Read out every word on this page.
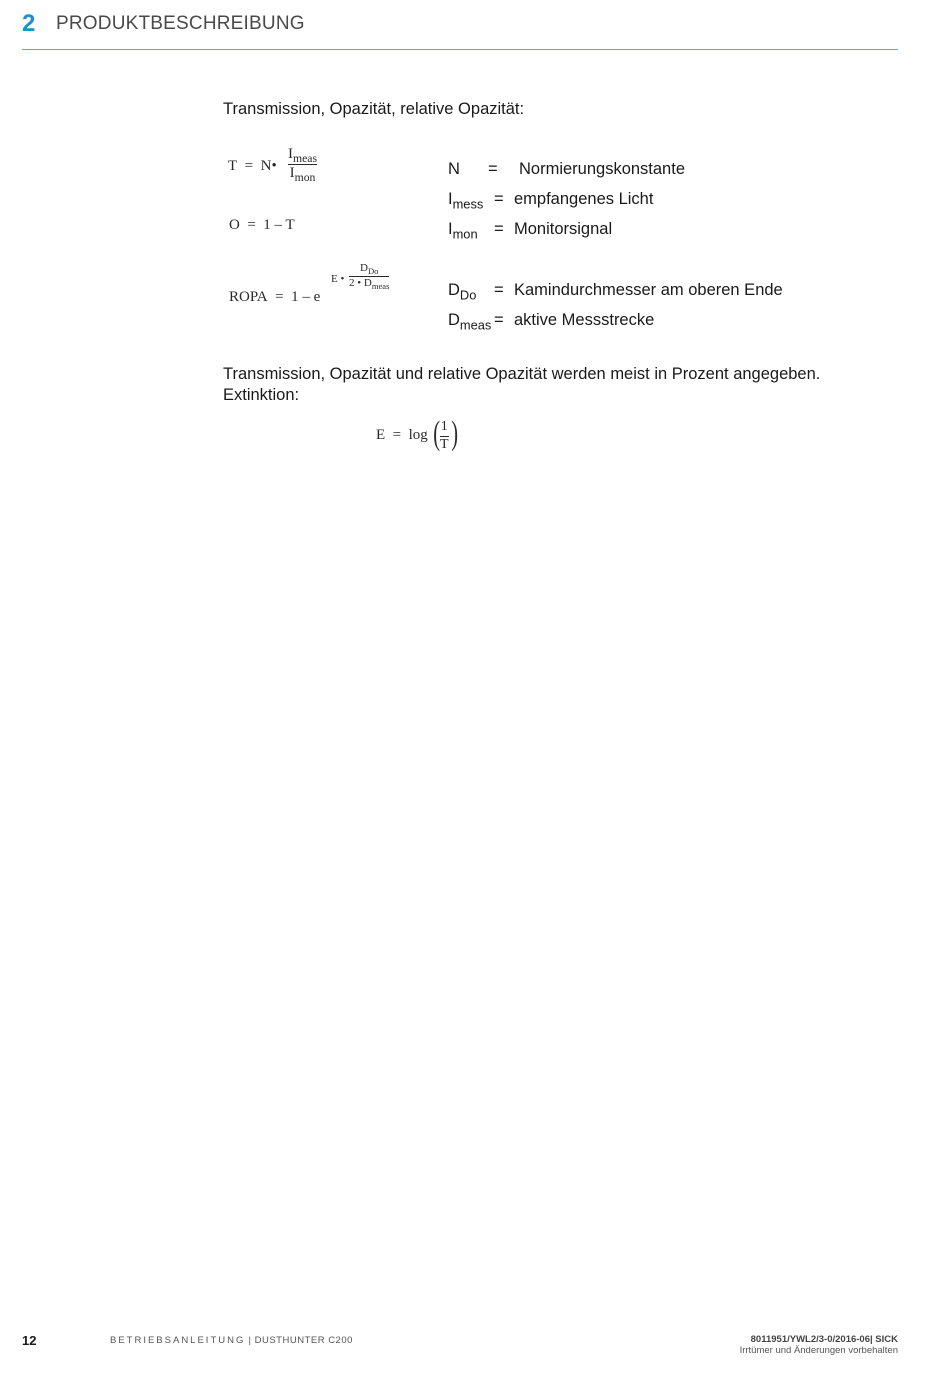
2 PRODUKTBESCHREIBUNG
Transmission, Opazität, relative Opazität:
T = N•
$I_{meas}$
$I_{mon}$
O  =  1 – T
ROPA = 1 – e
E •
$D_{Do}$
2 • $D_{meas}$
N = Normierungskonstante
$I_{mess}$ = empfangenes Licht
$I_{mon}$ = Monitorsignal
$D_{Do}$ = Kamindurchmesser am oberen Ende
$D_{meas}$ = aktive Messstrecke
Transmission, Opazität und relative Opazität werden meist in Prozent angegeben.
Extinktion:
E = log ( 1
T )
12	BETRIEBSANLEITUNG | DUSTHUNTER C200	8011951/YWL2/3-0/2016-06| SICK
Irrtümer und Änderungen vorbehalten
